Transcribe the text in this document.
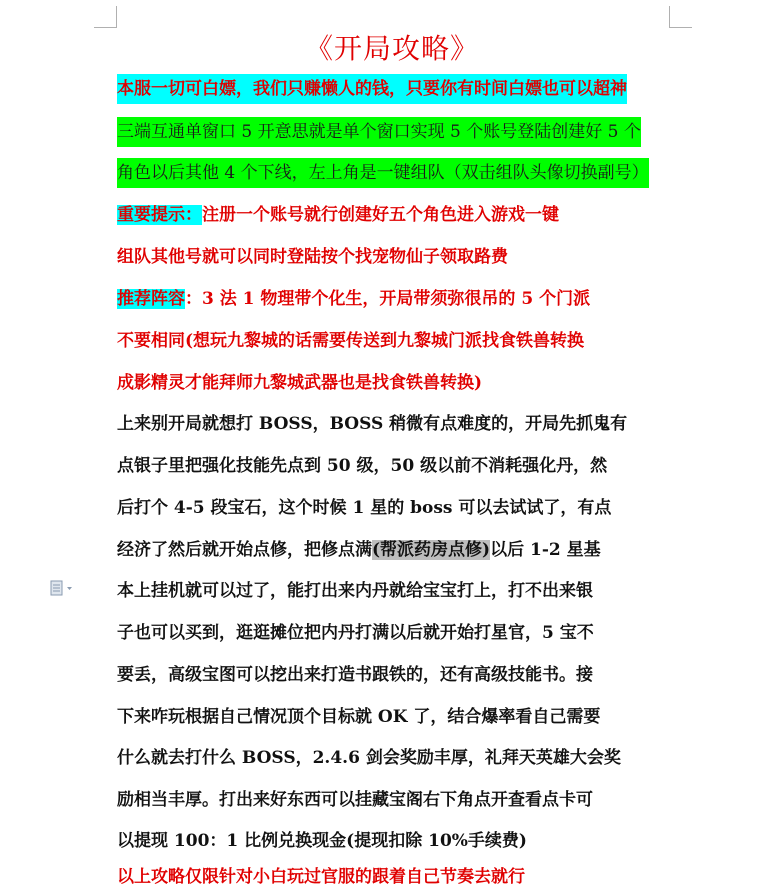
《开局攻略》
本服一切可白嫖，我们只赚懒人的钱，只要你有时间白嫖也可以超神
三端互通单窗口 5 开意思就是单个窗口实现 5 个账号登陆创建好 5 个
角色以后其他 4 个下线，左上角是一键组队（双击组队头像切换副号）
重要提示：注册一个账号就行创建好五个角色进入游戏一键
组队其他号就可以同时登陆按个找宠物仙子领取路费
推荐阵容：3 法 1 物理带个化生，开局带须弥很吊的 5 个门派
不要相同(想玩九黎城的话需要传送到九黎城门派找食铁兽转换
成影精灵才能拜师九黎城武器也是找食铁兽转换)
上来别开局就想打 BOSS，BOSS 稍微有点难度的，开局先抓鬼有
点银子里把强化技能先点到 50 级，50 级以前不消耗强化丹，然
后打个 4-5 段宝石，这个时候 1 星的 boss 可以去试试了，有点
经济了然后就开始点修，把修点满(帮派药房点修)以后 1-2 星基
本上挂机就可以过了，能打出来内丹就给宝宝打上，打不出来银
子也可以买到，逛逛摊位把内丹打满以后就开始打星官，5 宝不
要丢，高级宝图可以挖出来打造书跟铁的，还有高级技能书。接
下来咋玩根据自己情况顶个目标就 OK 了，结合爆率看自己需要
什么就去打什么 BOSS，2.4.6 剑会奖励丰厚，礼拜天英雄大会奖
励相当丰厚。打出来好东西可以挂藏宝阁右下角点开查看点卡可
以提现 100：1 比例兑换现金(提现扣除 10%手续费)
以上攻略仅限针对小白玩过官服的跟着自己节奏去就行
